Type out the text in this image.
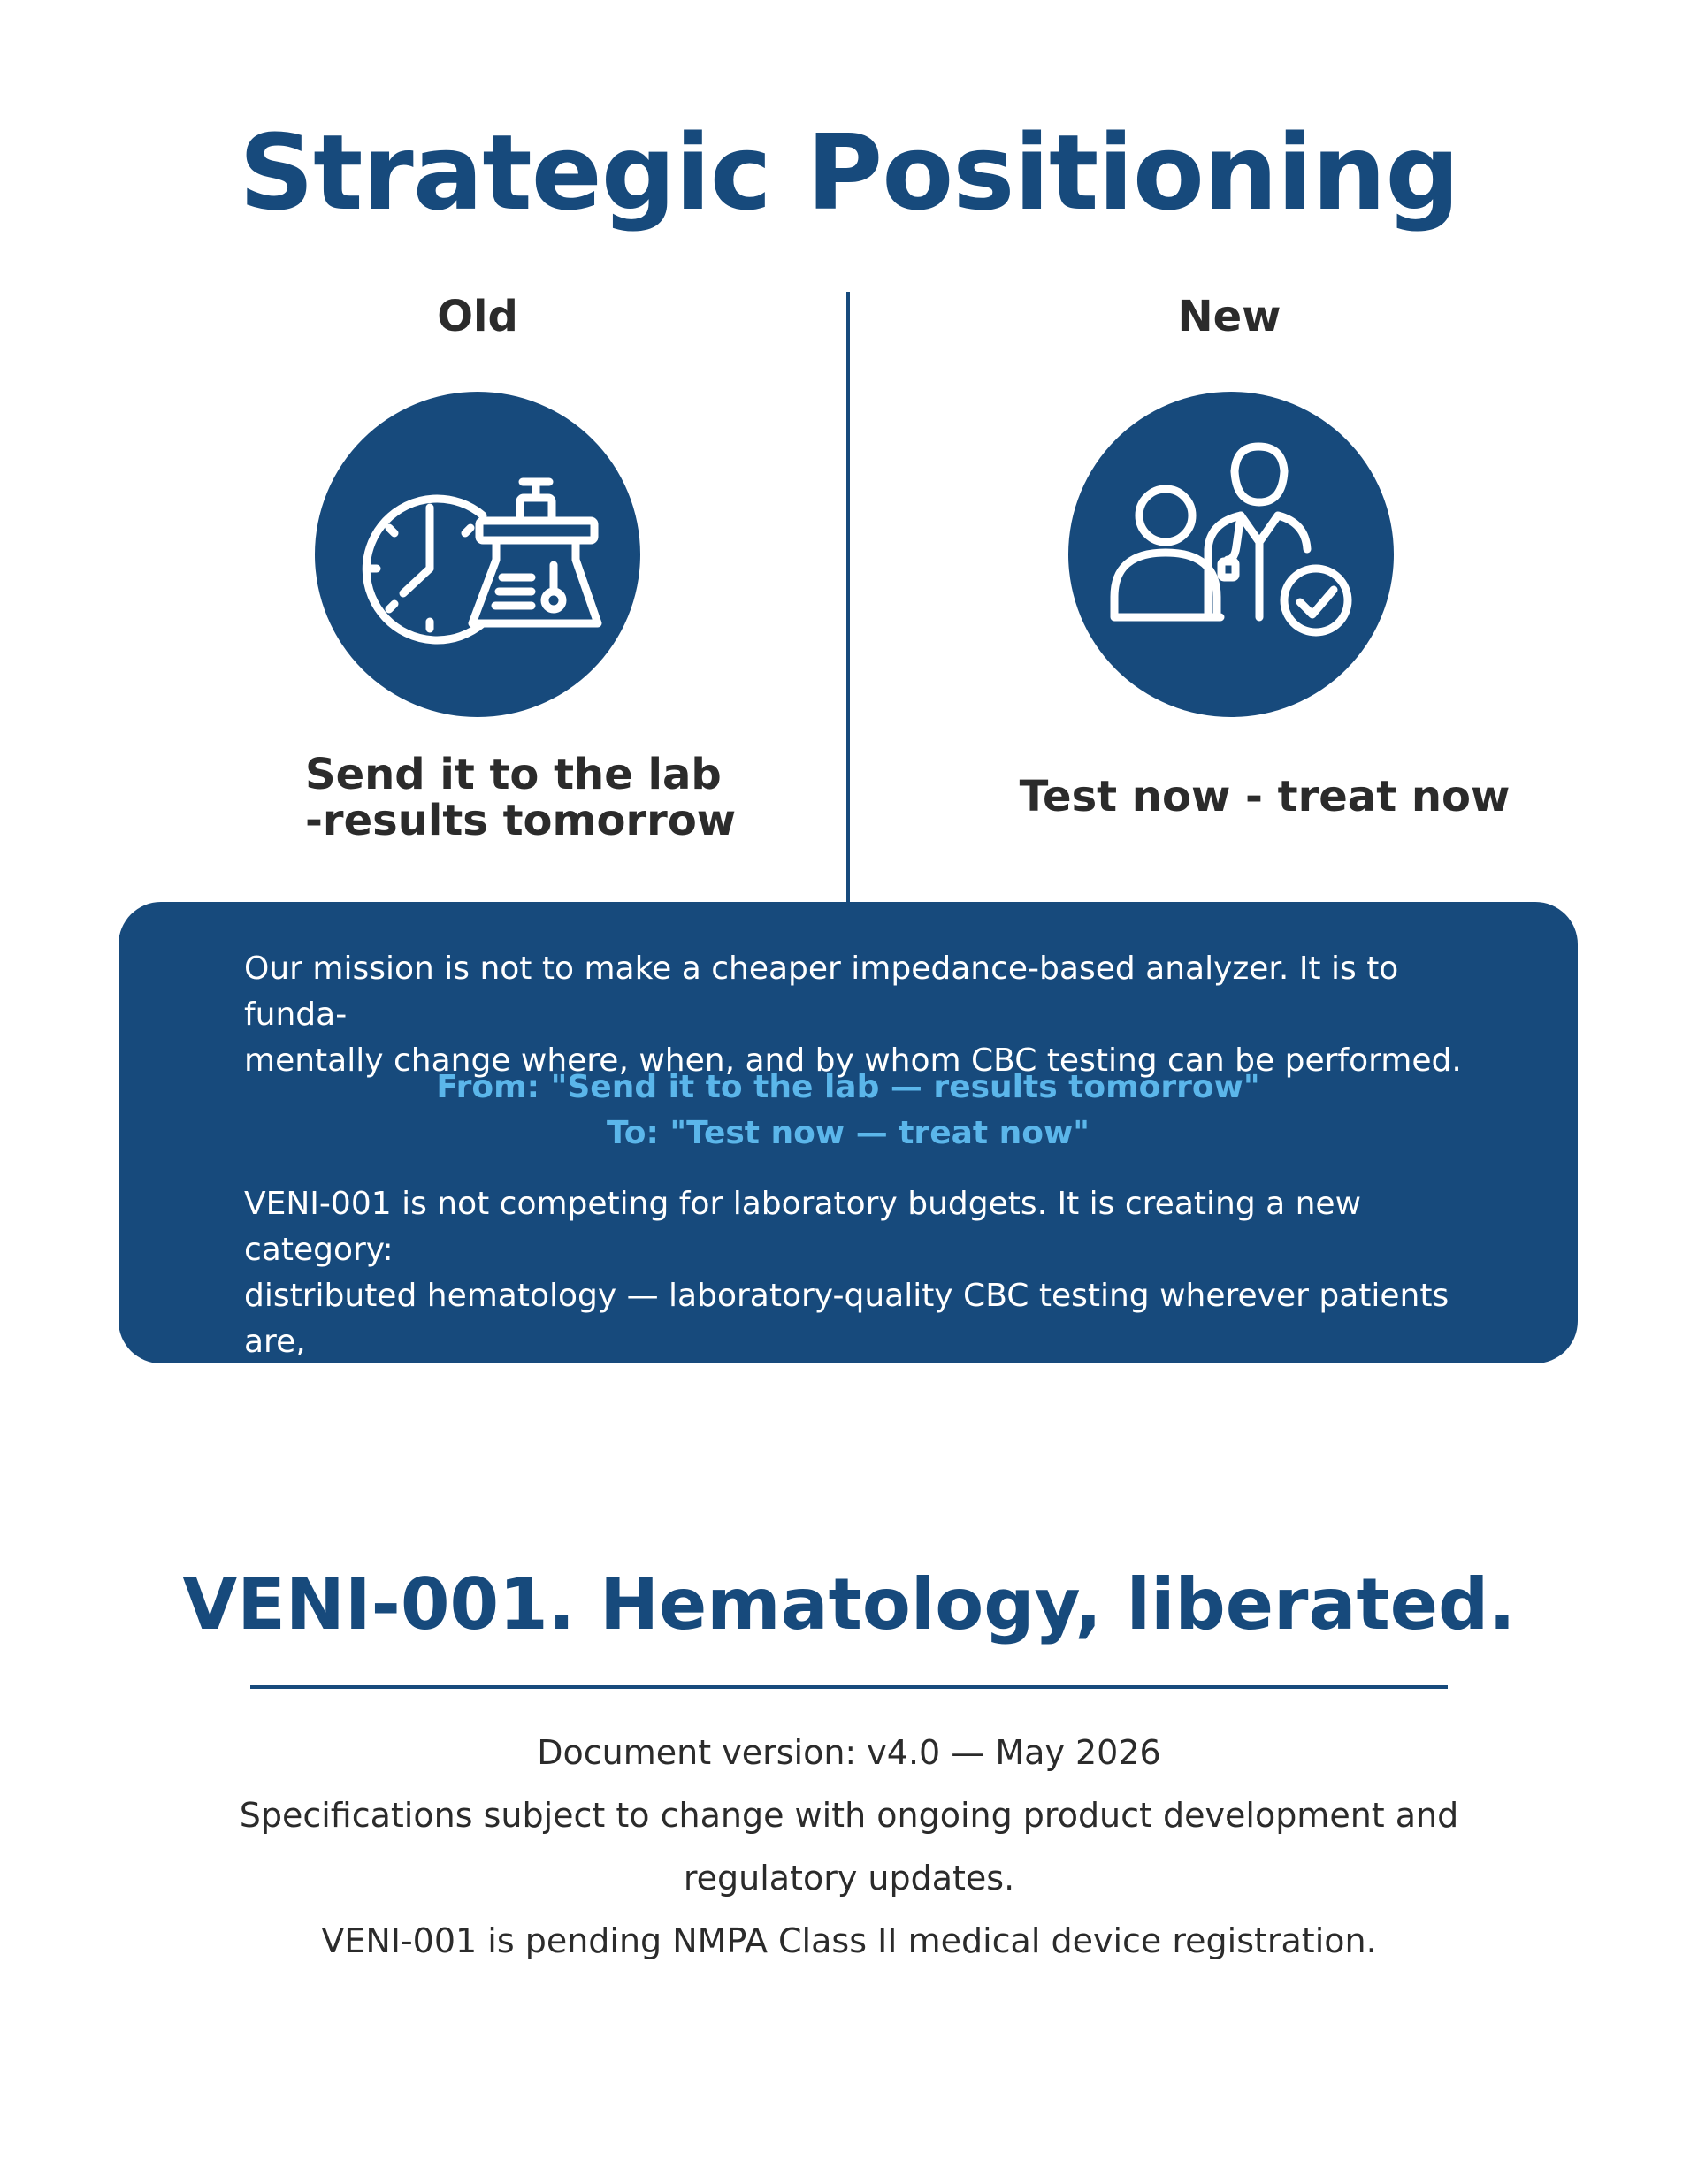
Strategic Positioning
Old	New
Send it to the lab
-results tomorrow	Test now - treat now
Our mission is not to make a cheaper impedance-based analyzer. It is to funda-
mentally change where, when, and by whom CBC testing can be performed.
From: "Send it to the lab — results tomorrow"
To: "Test now — treat now"
VENI-001 is not competing for laboratory budgets. It is creating a new category:
distributed hematology — laboratory-quality CBC testing wherever patients are,
when ever clinical decisions need to be made.
VENI-001. Hematology, liberated.
Document version: v4.0 — May 2026
Specifications subject to change with ongoing product development and
regulatory updates.
VENI-001 is pending NMPA Class II medical device registration.
